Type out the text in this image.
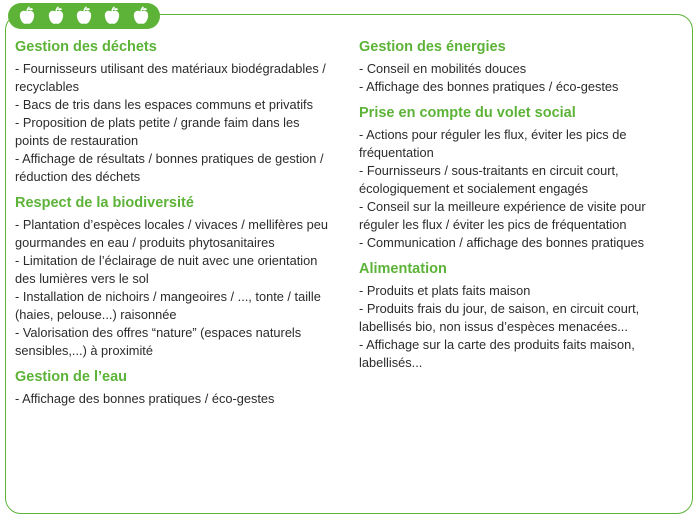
Gestion des déchets

- Fournisseurs utilisant des matériaux biodégradables / recyclables

- Bacs de tris dans les espaces communs et privatifs

- Proposition de plats petite / grande faim dans les points de restauration

- Affichage de résultats / bonnes pratiques de gestion / réduction des déchets

Respect de la biodiversité

- Plantation d’espèces locales / vivaces / mellifères peu gourmandes en eau / produits phytosanitaires

- Limitation de l’éclairage de nuit avec une orientation des lumières vers le sol

- Installation de nichoirs / mangeoires / ..., tonte / taille (haies, pelouse...) raisonnée

- Valorisation des offres “nature” (espaces naturels sensibles,...) à proximité

Gestion de l’eau

- Affichage des bonnes pratiques / éco-gestes

Gestion des énergies

- Conseil en mobilités douces

- Affichage des bonnes pratiques / éco-gestes

Prise en compte du volet social

- Actions pour réguler les flux, éviter les pics de fréquentation

- Fournisseurs / sous-traitants en circuit court, écologiquement et socialement engagés

- Conseil sur la meilleure expérience de visite pour réguler les flux / éviter les pics de fréquentation

- Communication / affichage des bonnes pratiques

Alimentation

- Produits et plats faits maison

- Produits frais du jour, de saison, en circuit court, labellisés bio, non issus d’espèces menacées...

- Affichage sur la carte des produits faits maison, labellisés...
